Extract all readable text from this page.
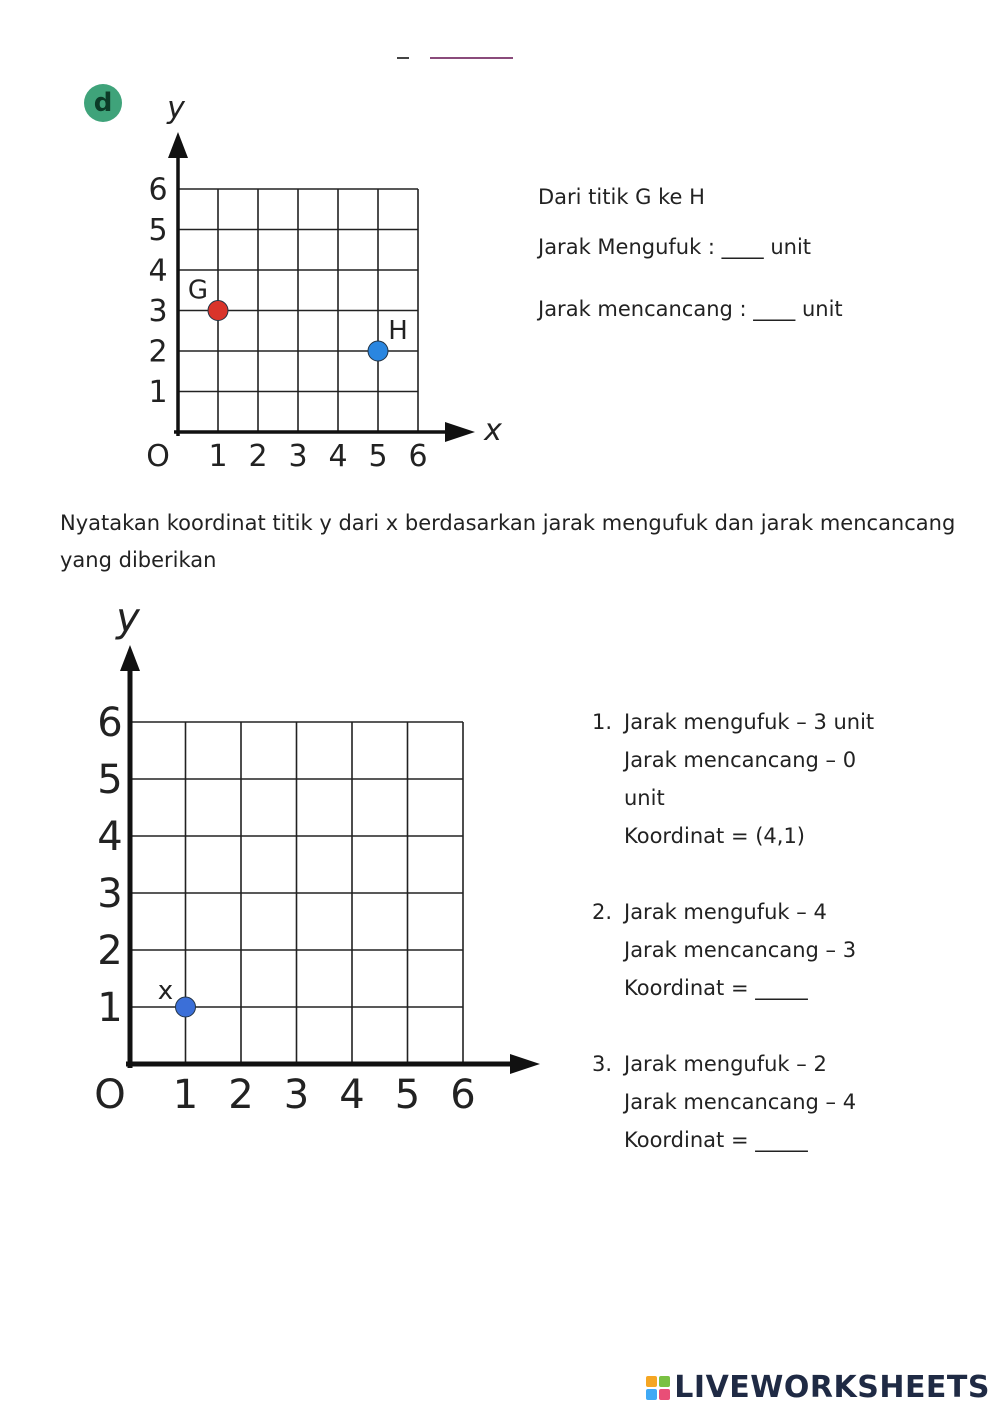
d	y
x
O 1 2 3 4 5 6
1
2
3
4
5
6
G
H
Dari titik G ke H
Jarak Mengufuk : ____ unit
Jarak mencancang : ____ unit
Nyatakan koordinat titik y dari x berdasarkan jarak mengufuk dan jarak mencancang yang diberikan
y
O 1 2 3 4 5 6
1
2
3
4
5
6
x
1. Jarak mengufuk – 3 unit
Jarak mencancang – 0
unit
Koordinat = (4,1)
2. Jarak mengufuk – 4
Jarak mencancang – 3
Koordinat = _____
3. Jarak mengufuk – 2
Jarak mencancang – 4
Koordinat = _____
LIVEWORKSHEETS
